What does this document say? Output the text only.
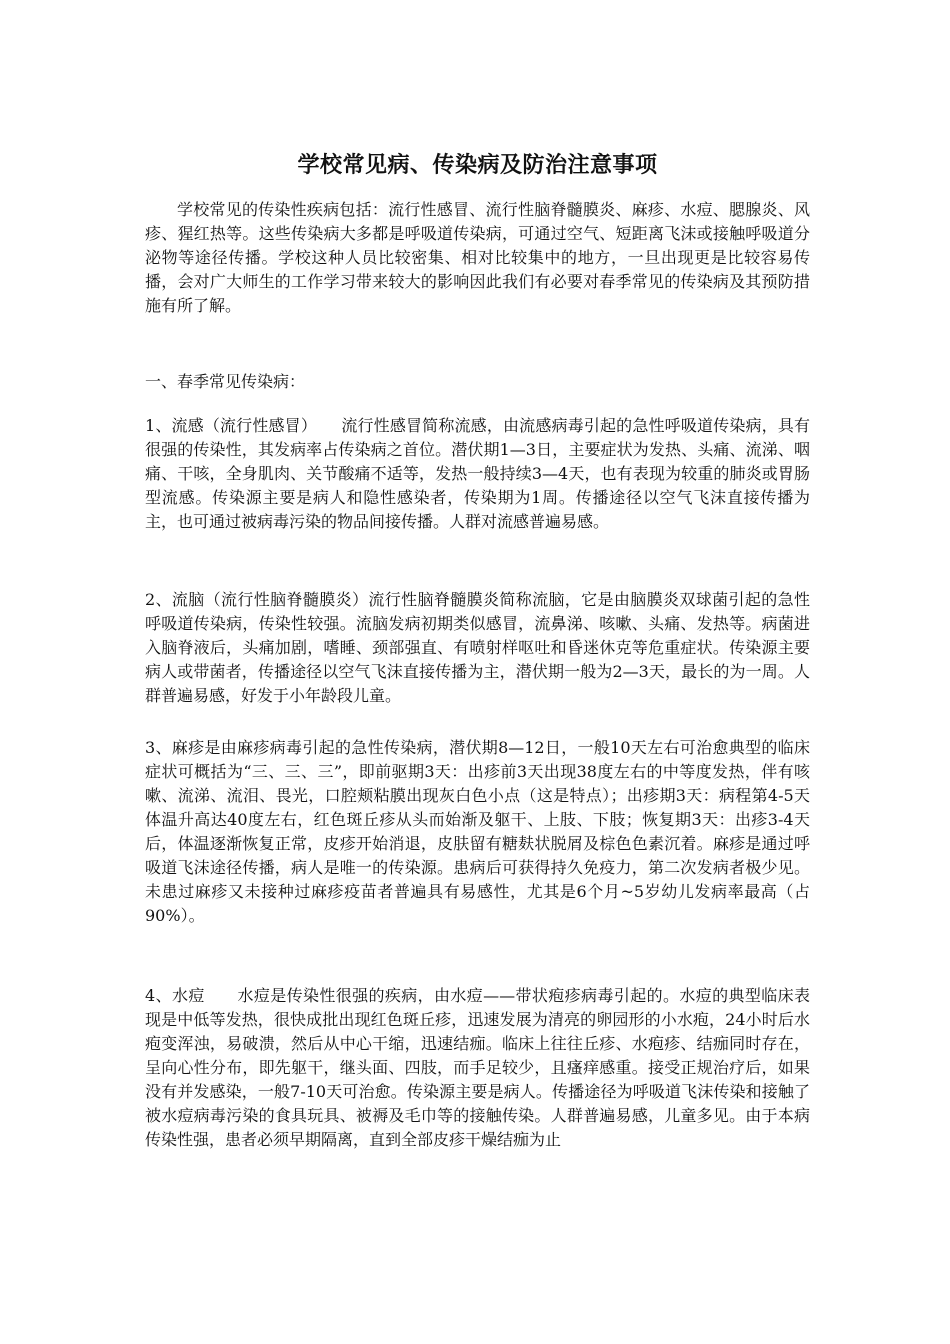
学校常见病、传染病及防治注意事项

学校常见的传染性疾病包括：流行性感冒、流行性脑脊髓膜炎、麻疹、水痘、腮腺炎、风疹、猩红热等。这些传染病大多都是呼吸道传染病，可通过空气、短距离飞沫或接触呼吸道分泌物等途径传播。学校这种人员比较密集、相对比较集中的地方，一旦出现更是比较容易传播，会对广大师生的工作学习带来较大的影响因此我们有必要对春季常见的传染病及其预防措施有所了解。

一、春季常见传染病：

1、流感（流行性感冒）　　流行性感冒简称流感，由流感病毒引起的急性呼吸道传染病，具有很强的传染性，其发病率占传染病之首位。潜伏期1—3日，主要症状为发热、头痛、流涕、咽痛、干咳，全身肌肉、关节酸痛不适等，发热一般持续3—4天，也有表现为较重的肺炎或胃肠型流感。传染源主要是病人和隐性感染者，传染期为1周。传播途径以空气飞沫直接传播为主，也可通过被病毒污染的物品间接传播。人群对流感普遍易感。

2、流脑（流行性脑脊髓膜炎）流行性脑脊髓膜炎简称流脑，它是由脑膜炎双球菌引起的急性呼吸道传染病，传染性较强。流脑发病初期类似感冒，流鼻涕、咳嗽、头痛、发热等。病菌进入脑脊液后，头痛加剧，嗜睡、颈部强直、有喷射样呕吐和昏迷休克等危重症状。传染源主要病人或带菌者，传播途径以空气飞沫直接传播为主，潜伏期一般为2—3天，最长的为一周。人群普遍易感，好发于小年龄段儿童。

3、麻疹是由麻疹病毒引起的急性传染病，潜伏期8—12日，一般10天左右可治愈典型的临床症状可概括为“三、三、三”，即前驱期3天：出疹前3天出现38度左右的中等度发热，伴有咳嗽、流涕、流泪、畏光，口腔颊粘膜出现灰白色小点（这是特点）；出疹期3天：病程第4-5天体温升高达40度左右，红色斑丘疹从头而始渐及躯干、上肢、下肢；恢复期3天：出疹3-4天后，体温逐渐恢复正常，皮疹开始消退，皮肤留有糖麸状脱屑及棕色色素沉着。麻疹是通过呼吸道飞沫途径传播，病人是唯一的传染源。患病后可获得持久免疫力，第二次发病者极少见。未患过麻疹又未接种过麻疹疫苗者普遍具有易感性，尤其是6个月~5岁幼儿发病率最高（占90%）。

4、水痘　　水痘是传染性很强的疾病，由水痘——带状疱疹病毒引起的。水痘的典型临床表现是中低等发热，很快成批出现红色斑丘疹，迅速发展为清亮的卵园形的小水疱，24小时后水疱变浑浊，易破溃，然后从中心干缩，迅速结痂。临床上往往丘疹、水疱疹、结痂同时存在，呈向心性分布，即先躯干，继头面、四肢，而手足较少，且瘙痒感重。接受正规治疗后，如果没有并发感染，一般7-10天可治愈。传染源主要是病人。传播途径为呼吸道飞沫传染和接触了被水痘病毒污染的食具玩具、被褥及毛巾等的接触传染。人群普遍易感，儿童多见。由于本病传染性强，患者必须早期隔离，直到全部皮疹干燥结痂为止
